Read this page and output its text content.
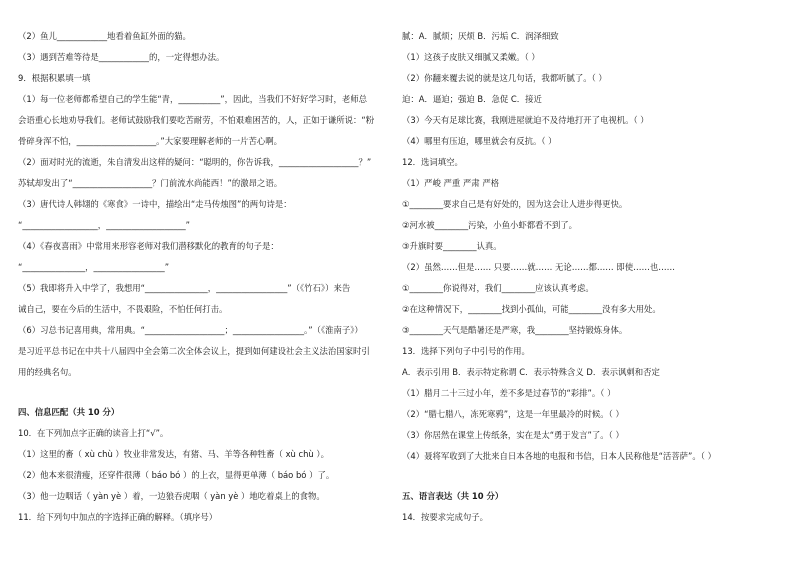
（2）鱼儿____________地看着鱼缸外面的猫。
（3）遇到苦难等待是____________的，一定得想办法。
9．根据积累填一填
（1）每一位老师都希望自己的学生能“青，__________”，因此，当我们不好好学习时，老师总
会语重心长地劝导我们。老师试鼓励我们要吃苦耐劳，不怕艰难困苦的，人，正如于谦所说：“粉
骨碎身浑不怕，___________________。”大家要理解老师的一片苦心啊。
（2）面对时光的流逝，朱自清发出这样的疑问：“聪明的，你告诉我，___________________？”
苏轼却发出了“___________________？门前流水尚能西！”的激昂之语。
（3）唐代诗人韩翃的《寒食》一诗中，描绘出“走马传烛图”的两句诗是：
“__________________，___________________”
（4）《春夜喜雨》中常用来形容老师对我们潜移默化的教育的句子是：
“_______________，_________________”
（5）我即将升入中学了，我想用“_______________，_________________”（《竹石》）来告
诫自己，要在今后的生活中，不畏艰险，不怕任何打击。
（6）习总书记喜用典，常用典。“___________________；_________________。”（《淮南子》）
是习近平总书记在中共十八届四中全会第二次全体会议上，提到如何建设社会主义法治国家时引
用的经典名句。
四、信息匹配（共 10 分）
10．在下列加点字正确的读音上打“√”。
（1）这里的畜（ xù chù ）牧业非常发达，有猪、马、羊等各种牲畜（ xù chù ）。
（2）他本来很清瘦，还穿件很薄（ báo bó ）的上衣，显得更单薄（ báo bó ）了。
（3）他一边咽话（ yàn yè ）着，一边狼吞虎咽（ yàn yè ）地吃着桌上的食物。
11．给下列句中加点的字选择正确的解释。（填序号）
腻：A．腻烦；厌烦 B．污垢 C．润泽细致
（1）这孩子皮肤又细腻又柔嫩。（ ）
（2）你翻来覆去说的就是这几句话，我都听腻了。（ ）
迫：A．逼迫；强迫 B．急促 C．接近
（3）今天有足球比赛，我刚进屋就迫不及待地打开了电视机。（ ）
（4）哪里有压迫，哪里就会有反抗。（ ）
12．选词填空。
（1）严峻 严重 严肃 严格
①________要求自己是有好处的，因为这会让人进步得更快。
②河水被________污染，小鱼小虾都看不到了。
③升旗时要________认真。
（2）虽然……但是…… 只要……就…… 无论……都…… 即使……也……
①________你说得对，我们________应该认真考虑。
②在这种情况下，________找到小孤仙，可能________没有多大用处。
③________天气是酷暑还是严寒，我________坚持锻炼身体。
13．选择下列句子中引号的作用。
A．表示引用 B．表示特定称谓 C．表示特殊含义 D．表示讽刺和否定
（1）腊月二十三过小年，差不多是过春节的“彩排”。（ ）
（2）“腊七腊八，冻死寒鸦”，这是一年里最冷的时候。（ ）
（3）你居然在课堂上传纸条，实在是太“勇于发言”了。（ ）
（4）聂将军收到了大批来自日本各地的电报和书信，日本人民称他是“活菩萨”。（ ）
五、语言表达（共 10 分）
14．按要求完成句子。
